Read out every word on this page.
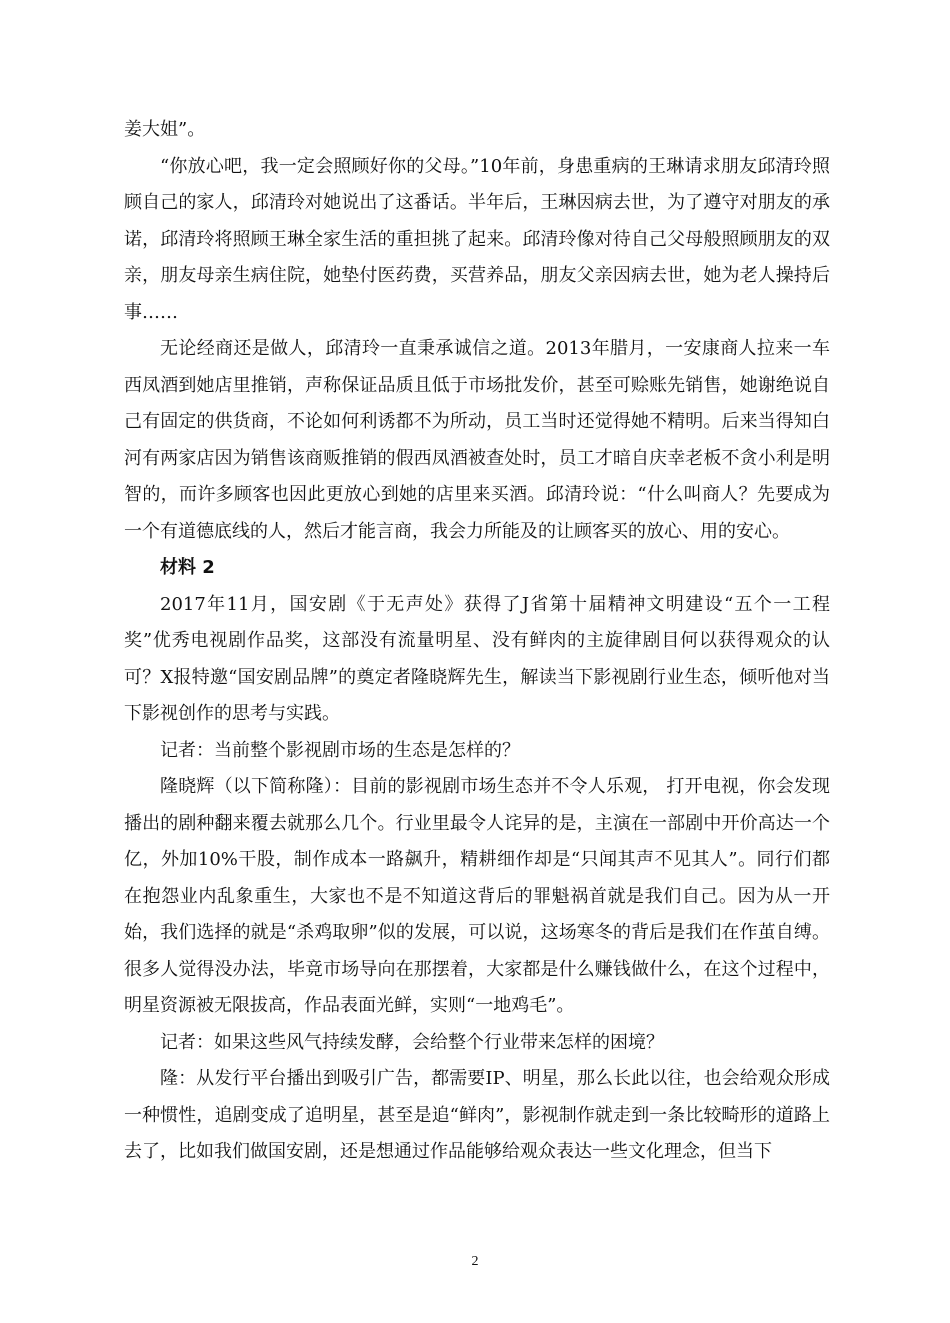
姜大姐”。

“你放心吧，我一定会照顾好你的父母。”10年前，身患重病的王琳请求朋友邱清玲照顾自己的家人，邱清玲对她说出了这番话。半年后，王琳因病去世，为了遵守对朋友的承诺，邱清玲将照顾王琳全家生活的重担挑了起来。邱清玲像对待自己父母般照顾朋友的双亲，朋友母亲生病住院，她垫付医药费，买营养品，朋友父亲因病去世，她为老人操持后事……

无论经商还是做人，邱清玲一直秉承诚信之道。2013年腊月，一安康商人拉来一车西凤酒到她店里推销，声称保证品质且低于市场批发价，甚至可赊账先销售，她谢绝说自己有固定的供货商，不论如何利诱都不为所动，员工当时还觉得她不精明。后来当得知白河有两家店因为销售该商贩推销的假西凤酒被查处时，员工才暗自庆幸老板不贪小利是明智的，而许多顾客也因此更放心到她的店里来买酒。邱清玲说：“什么叫商人？先要成为一个有道德底线的人，然后才能言商，我会力所能及的让顾客买的放心、用的安心。

材料 2

2017年11月，国安剧《于无声处》获得了J省第十届精神文明建设“五个一工程奖”优秀电视剧作品奖，这部没有流量明星、没有鲜肉的主旋律剧目何以获得观众的认可？X报特邀“国安剧品牌”的奠定者隆晓辉先生，解读当下影视剧行业生态，倾听他对当下影视创作的思考与实践。

记者：当前整个影视剧市场的生态是怎样的？

隆晓辉（以下简称隆）：目前的影视剧市场生态并不令人乐观， 打开电视，你会发现播出的剧种翻来覆去就那么几个。行业里最令人诧异的是，主演在一部剧中开价高达一个亿，外加10%干股，制作成本一路飙升，精耕细作却是“只闻其声不见其人”。同行们都在抱怨业内乱象重生，大家也不是不知道这背后的罪魁祸首就是我们自己。因为从一开始，我们选择的就是“杀鸡取卵”似的发展，可以说，这场寒冬的背后是我们在作茧自缚。很多人觉得没办法，毕竟市场导向在那摆着，大家都是什么赚钱做什么，在这个过程中，明星资源被无限拔高，作品表面光鲜，实则“一地鸡毛”。

记者：如果这些风气持续发酵，会给整个行业带来怎样的困境？

隆：从发行平台播出到吸引广告，都需要IP、明星，那么长此以往，也会给观众形成一种惯性，追剧变成了追明星，甚至是追“鲜肉”，影视制作就走到一条比较畸形的道路上去了，比如我们做国安剧，还是想通过作品能够给观众表达一些文化理念，但当下

2
